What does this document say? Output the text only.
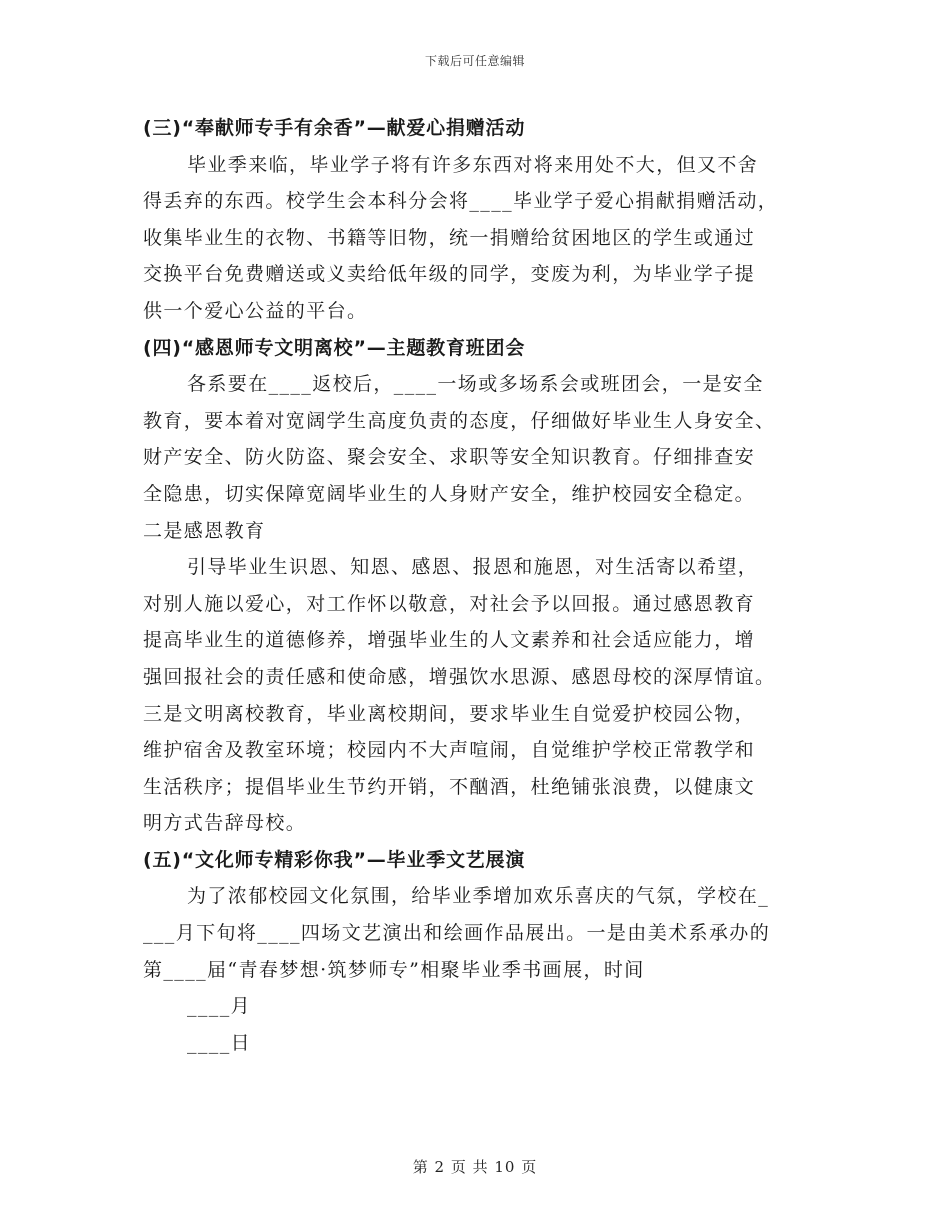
下载后可任意编辑
(三)“奉献师专手有余香”—献爱心捐赠活动
毕业季来临，毕业学子将有许多东西对将来用处不大，但又不舍
得丢弃的东西。校学生会本科分会将____毕业学子爱心捐献捐赠活动，
收集毕业生的衣物、书籍等旧物，统一捐赠给贫困地区的学生或通过
交换平台免费赠送或义卖给低年级的同学，变废为利，为毕业学子提
供一个爱心公益的平台。
(四)“感恩师专文明离校”—主题教育班团会
各系要在____返校后，____一场或多场系会或班团会，一是安全
教育，要本着对宽阔学生高度负责的态度，仔细做好毕业生人身安全、
财产安全、防火防盗、聚会安全、求职等安全知识教育。仔细排查安
全隐患，切实保障宽阔毕业生的人身财产安全，维护校园安全稳定。
二是感恩教育
引导毕业生识恩、知恩、感恩、报恩和施恩，对生活寄以希望，
对别人施以爱心，对工作怀以敬意，对社会予以回报。通过感恩教育
提高毕业生的道德修养，增强毕业生的人文素养和社会适应能力，增
强回报社会的责任感和使命感，增强饮水思源、感恩母校的深厚情谊。
三是文明离校教育，毕业离校期间，要求毕业生自觉爱护校园公物，
维护宿舍及教室环境；校园内不大声喧闹，自觉维护学校正常教学和
生活秩序；提倡毕业生节约开销，不酗酒，杜绝铺张浪费，以健康文
明方式告辞母校。
(五)“文化师专精彩你我”—毕业季文艺展演
为了浓郁校园文化氛围，给毕业季增加欢乐喜庆的气氛，学校在_
___月下旬将____四场文艺演出和绘画作品展出。一是由美术系承办的
第____届“青春梦想·筑梦师专”相聚毕业季书画展，时间
____月
____日
第 2 页 共 10 页
